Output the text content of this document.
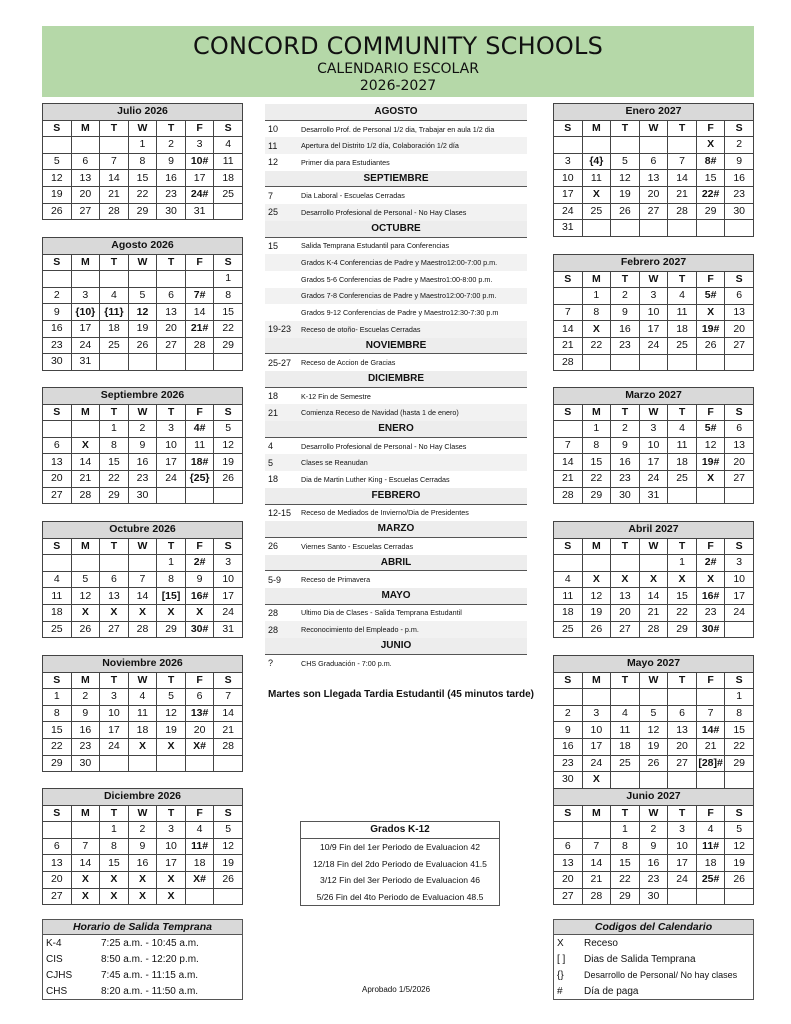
CONCORD COMMUNITY SCHOOLS
CALENDARIO ESCOLAR
2026-2027
Julio 2026						
S	M	T	W	T	F	S
			1	2	3	4
5	6	7	8	9	10#	11
12	13	14	15	16	17	18
19	20	21	22	23	24#	25
26	27	28	29	30	31	
Agosto 2026						
S	M	T	W	T	F	S
						1
2	3	4	5	6	7#	8
9	{10}	{11}	12	13	14	15
16	17	18	19	20	21#	22
23	24	25	26	27	28	29
30	31					
Septiembre 2026						
S	M	T	W	T	F	S
		1	2	3	4#	5
6	X	8	9	10	11	12
13	14	15	16	17	18#	19
20	21	22	23	24	{25}	26
27	28	29	30			
Octubre 2026						
S	M	T	W	T	F	S
				1	2#	3
4	5	6	7	8	9	10
11	12	13	14	[15]	16#	17
18	X	X	X	X	X	24
25	26	27	28	29	30#	31
Noviembre 2026						
S	M	T	W	T	F	S
1	2	3	4	5	6	7
8	9	10	11	12	13#	14
15	16	17	18	19	20	21
22	23	24	X	X	X#	28
29	30					
Diciembre 2026						
S	M	T	W	T	F	S
		1	2	3	4	5
6	7	8	9	10	11#	12
13	14	15	16	17	18	19
20	X	X	X	X	X#	26
27	X	X	X	X		
Enero 2027						
S	M	T	W	T	F	S
					X	2
3	{4}	5	6	7	8#	9
10	11	12	13	14	15	16
17	X	19	20	21	22#	23
24	25	26	27	28	29	30
31						
Febrero 2027						
S	M	T	W	T	F	S
	1	2	3	4	5#	6
7	8	9	10	11	X	13
14	X	16	17	18	19#	20
21	22	23	24	25	26	27
28						
Marzo 2027						
S	M	T	W	T	F	S
	1	2	3	4	5#	6
7	8	9	10	11	12	13
14	15	16	17	18	19#	20
21	22	23	24	25	X	27
28	29	30	31			
Abril 2027						
S	M	T	W	T	F	S
				1	2#	3
4	X	X	X	X	X	10
11	12	13	14	15	16#	17
18	19	20	21	22	23	24
25	26	27	28	29	30#	
Mayo 2027						
S	M	T	W	T	F	S
						1
2	3	4	5	6	7	8
9	10	11	12	13	14#	15
16	17	18	19	20	21	22
23	24	25	26	27	[28]#	29
30	X					
Junio 2027						
S	M	T	W	T	F	S
		1	2	3	4	5
6	7	8	9	10	11#	12
13	14	15	16	17	18	19
20	21	22	23	24	25#	26
27	28	29	30			
AGOSTO
10	Desarrollo Prof. de Personal 1/2 dia, Trabajar en aula 1/2 dia
11	Apertura del Distrito 1/2 día, Colaboración 1/2 día
12	Primer dia para Estudiantes
SEPTIEMBRE
7	Dia Laboral - Escuelas Cerradas
25	Desarrollo Profesional de Personal - No Hay Clases
OCTUBRE
15	Salida Temprana Estudantil para Conferencias
Grados K-4 Conferencias de Padre y Maestro12:00-7:00 p.m.
Grados 5-6 Conferencias de Padre y Maestro1:00-8:00 p.m.
Grados 7-8 Conferencias de Padre y Maestro12:00-7:00 p.m.
Grados 9-12 Conferencias de Padre y Maestro12:30-7:30 p.m
19-23	Receso de otoño- Escuelas Cerradas
NOVIEMBRE
25-27	Receso de Accion de Gracias
DICIEMBRE
18	K-12 Fin de Semestre
21	Comienza Receso de Navidad (hasta 1 de enero)
ENERO
4	Desarrollo Profesional de Personal - No Hay Clases
5	Clases se Reanudan
18	Dia de Martin Luther King - Escuelas Cerradas
FEBRERO
12-15	Receso de Mediados de Invierno/Dia de Presidentes
MARZO
26	Viernes Santo - Escuelas Cerradas
ABRIL
5-9	Receso de Primavera
MAYO
28	Ultimo Dia de Clases - Salida Temprana Estudantil
28	Reconocimiento del Empleado - p.m.
JUNIO
?	CHS Graduación - 7:00 p.m.
Martes son Llegada Tardia Estudantil (45 minutos tarde)
Grados K-12
10/9 Fin del 1er Periodo de Evaluacion 42
12/18 Fin del 2do Periodo de Evaluacion 41.5
3/12 Fin del 3er Periodo de Evaluacion 46
5/26 Fin del 4to Periodo de Evaluacion 48.5
Horario de Salida Temprana
K-4	7:25 a.m. - 10:45 a.m.
CIS	8:50 a.m. - 12:20 p.m.
CJHS	7:45 a.m. - 11:15 a.m.
CHS	8:20 a.m. - 11:50 a.m.	Aprobado 1/5/2026
Codigos del Calendario
X	Receso
[ ]	Dias de Salida Temprana
{}	Desarrollo de Personal/ No hay clases
#	Día de paga
